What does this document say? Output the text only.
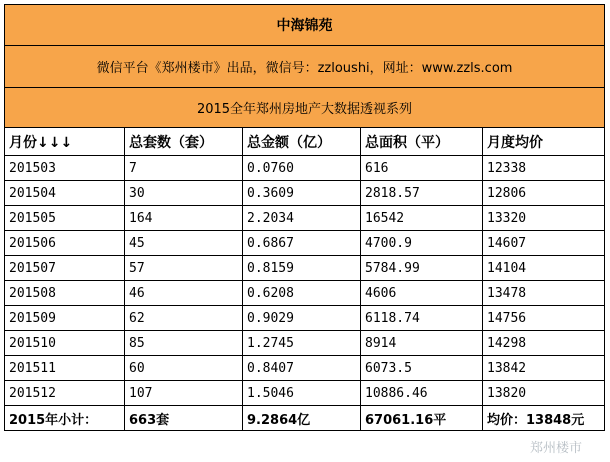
中海锦苑				
微信平台《郑州楼市》出品，微信号：zzloushi，网址：www.zzls.com				
2015全年郑州房地产大数据透视系列				
月份↓↓↓	总套数（套）	总金额（亿）	总面积（平）	月度均价
201503	7	0.0760	616	12338
201504	30	0.3609	2818.57	12806
201505	164	2.2034	16542	13320
201506	45	0.6867	4700.9	14607
201507	57	0.8159	5784.99	14104
201508	46	0.6208	4606	13478
201509	62	0.9029	6118.74	14756
201510	85	1.2745	8914	14298
201511	60	0.8407	6073.5	13842
201512	107	1.5046	10886.46	13820
2015年小计：	663套	9.2864亿	67061.16平	均价：13848元
郑州楼市
